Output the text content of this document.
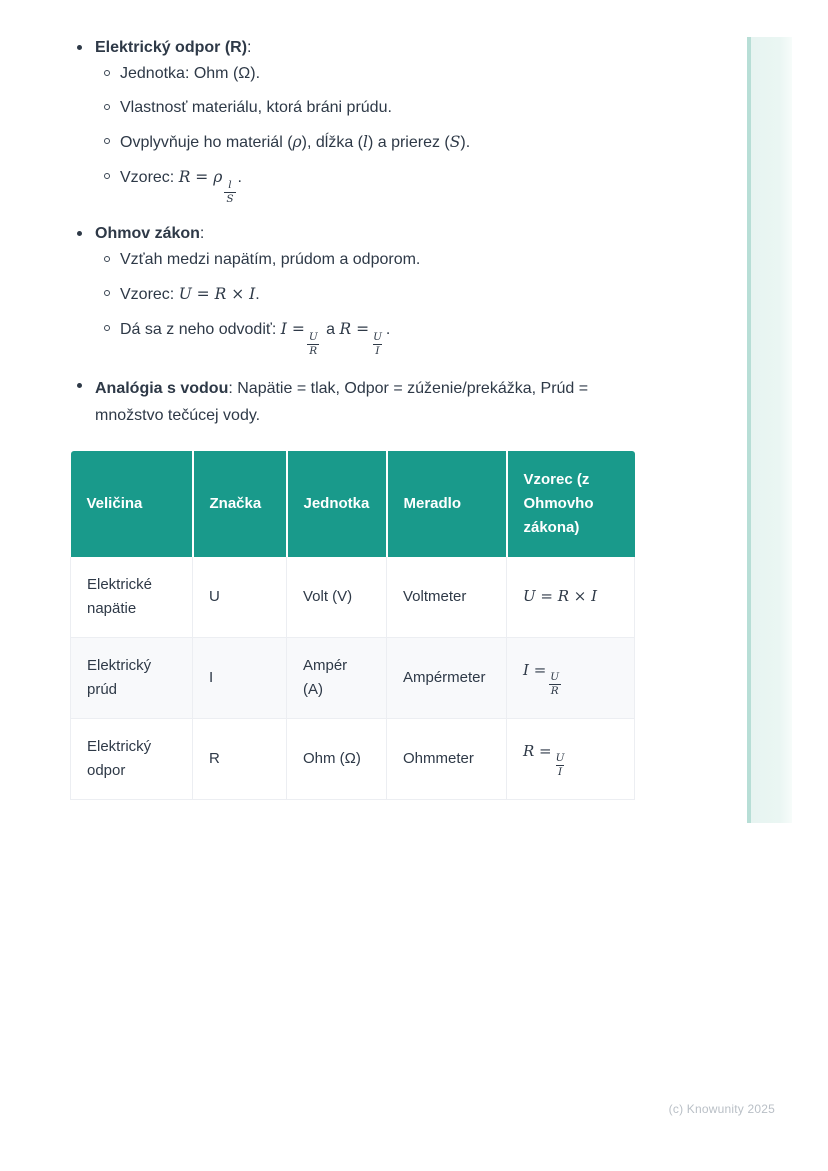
Elektrický odpor (R):
Jednotka: Ohm (Ω).
Vlastnosť materiálu, ktorá bráni prúdu.
Ovplyvňuje ho materiál (ρ), dĺžka (l) a prierez (S).
Vzorec: R = ρ
$\frac{l}{S}$
.
Ohmov zákon:
Vzťah medzi napätím, prúdom a odporom.
Vzorec: U = R × I.
Dá sa z neho odvodiť: I =
$\frac{U}{R}$
a R =
$\frac{U}{I}$
.
Analógia s vodou: Napätie = tlak, Odpor = zúženie/prekážka, Prúd = množstvo tečúcej vody.
Veličina	Značka	Jednotka	Meradlo	Vzorec (z Ohmovho zákona)
Elektrické napätie	U	Volt (V)	Voltmeter	U = R × I
Elektrický prúd	I	Ampér (A)	Ampérmeter	I =
$\frac{U}{R}$

Elektrický odpor	R	Ohm (Ω)	Ohmmeter	R =
$\frac{U}{I}$
(c) Knowunity 2025
